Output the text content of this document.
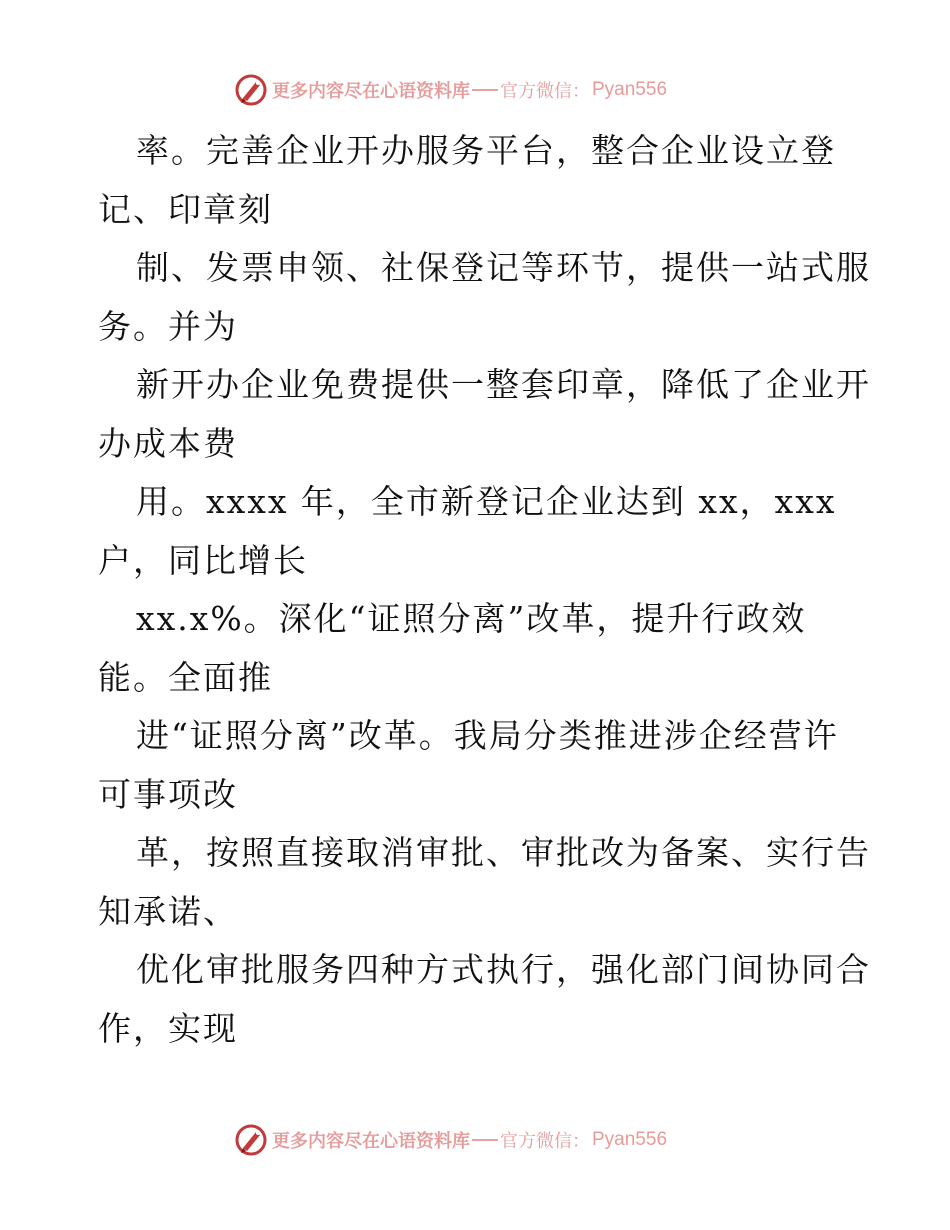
更多内容尽在心语资料库 官方微信： Pyan556
率。完善企业开办服务平台，整合企业设立登
记、印章刻
制、发票申领、社保登记等环节，提供一站式服
务。并为
新开办企业免费提供一整套印章，降低了企业开
办成本费
用。xxxx 年，全市新登记企业达到 xx，xxx
户，同比增长
xx.x%。深化“证照分离”改革，提升行政效
能。全面推
进“证照分离”改革。我局分类推进涉企经营许
可事项改
革，按照直接取消审批、审批改为备案、实行告
知承诺、
优化审批服务四种方式执行，强化部门间协同合
作，实现
更多内容尽在心语资料库 官方微信： Pyan556
